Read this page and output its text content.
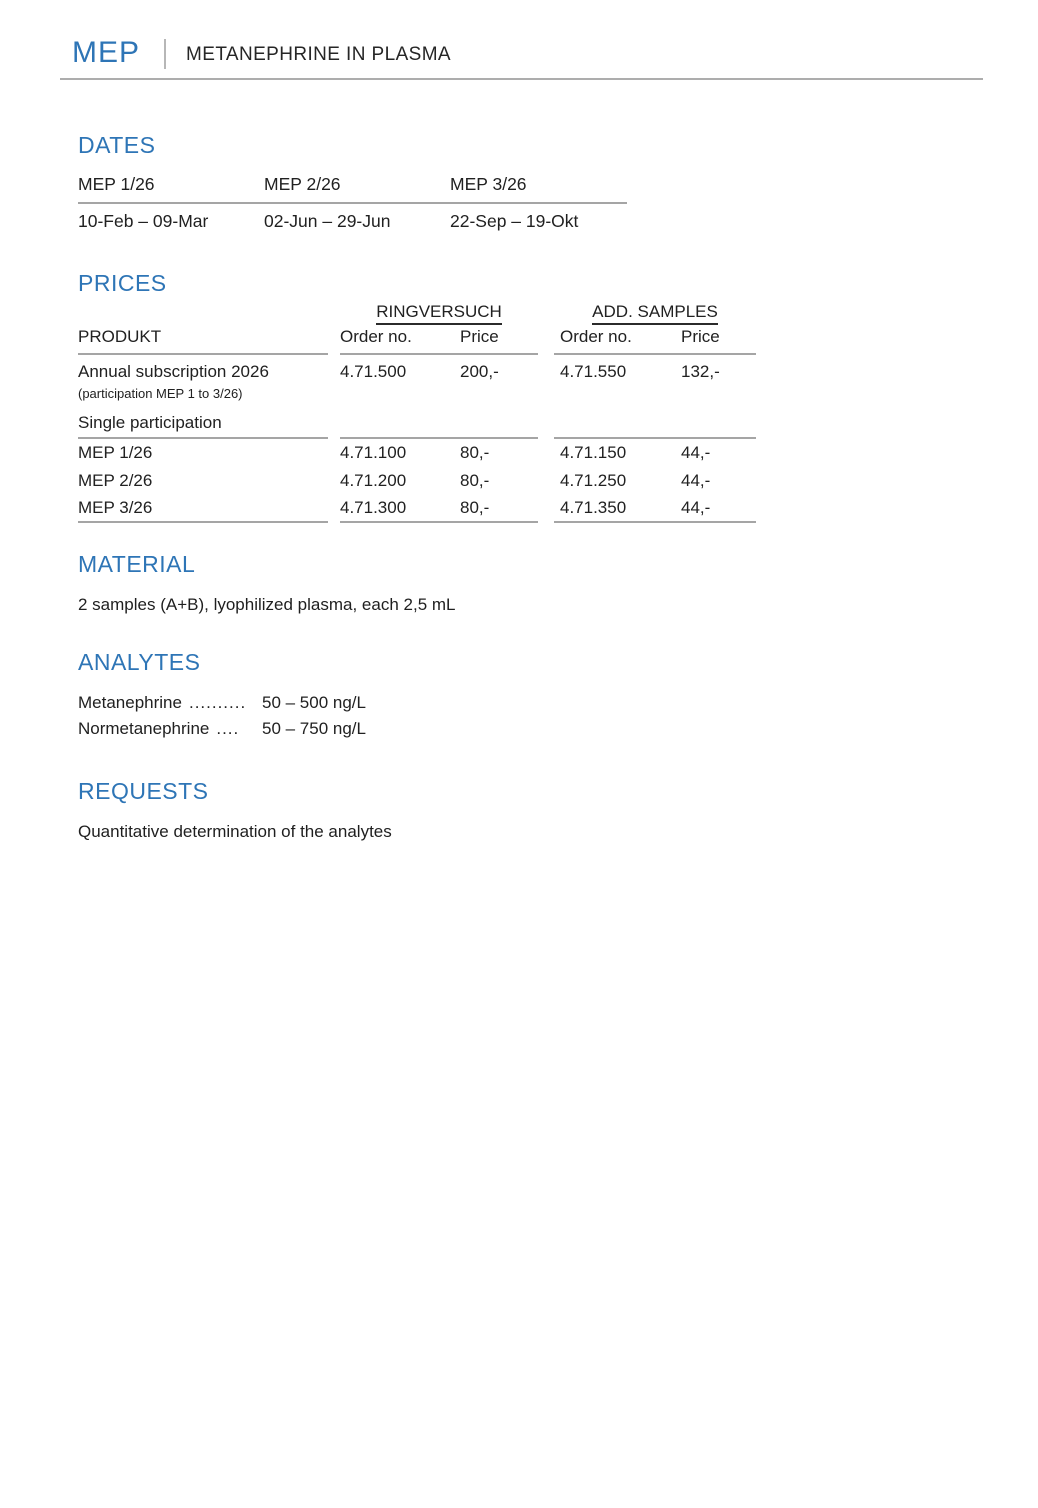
MEP METANEPHRINE IN PLASMA
DATES
MEP 1/26	MEP 2/26	MEP 3/26
10-Feb – 09-Mar	02-Jun – 29-Jun	22-Sep – 19-Okt
PRICES
RINGVERSUCH	ADD. SAMPLES
PRODUKT	Order no.	Price	Order no.	Price
Annual subscription 2026	4.71.500	200,-	4.71.550	132,-
(participation MEP 1 to 3/26)
Single participation
MEP 1/26	4.71.100	80,-	4.71.150	44,-
MEP 2/26	4.71.200	80,-	4.71.250	44,-
MEP 3/26	4.71.300	80,-	4.71.350	44,-
MATERIAL

2 samples (A+B), lyophilized plasma, each 2,5 mL

ANALYTES
Metanephrine .......... 50 – 500 ng/L
Normetanephrine ....	50 – 750 ng/L
REQUESTS

Quantitative determination of the analytes
